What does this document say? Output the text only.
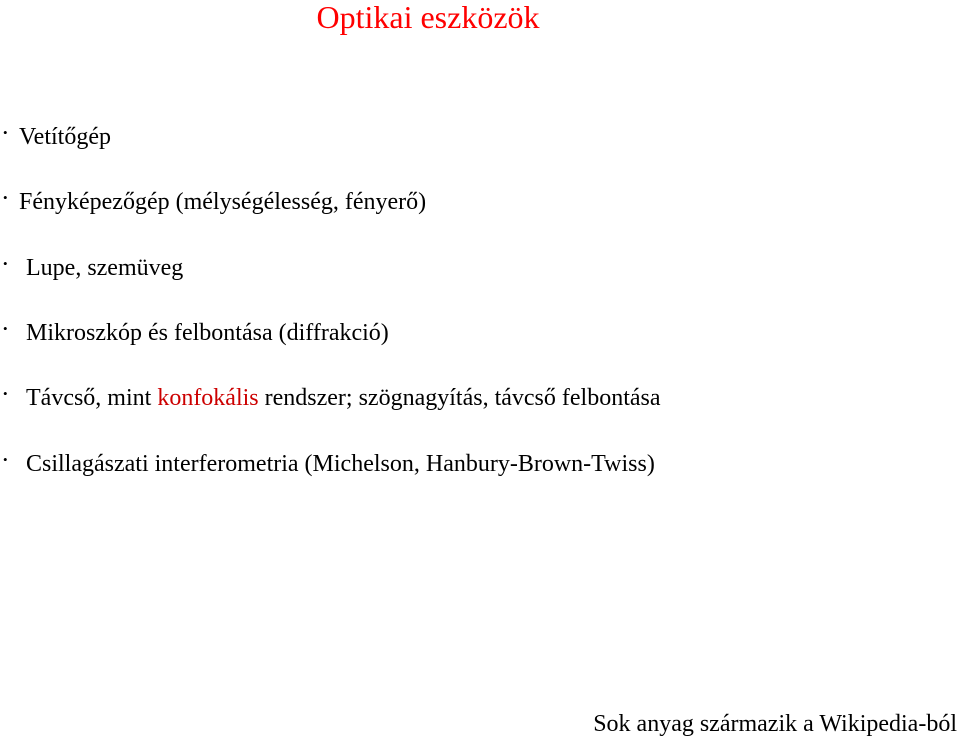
Optikai eszközök
• Vetítőgép
• Fényképezőgép (mélységélesség, fényerő)
• Lupe, szemüveg
• Mikroszkóp és felbontása (diffrakció)
• Távcső, mint konfokális rendszer; szögnagyítás, távcső felbontása
• Csillagászati interferometria (Michelson, Hanbury-Brown-Twiss)
Sok anyag származik a Wikipedia-ból
